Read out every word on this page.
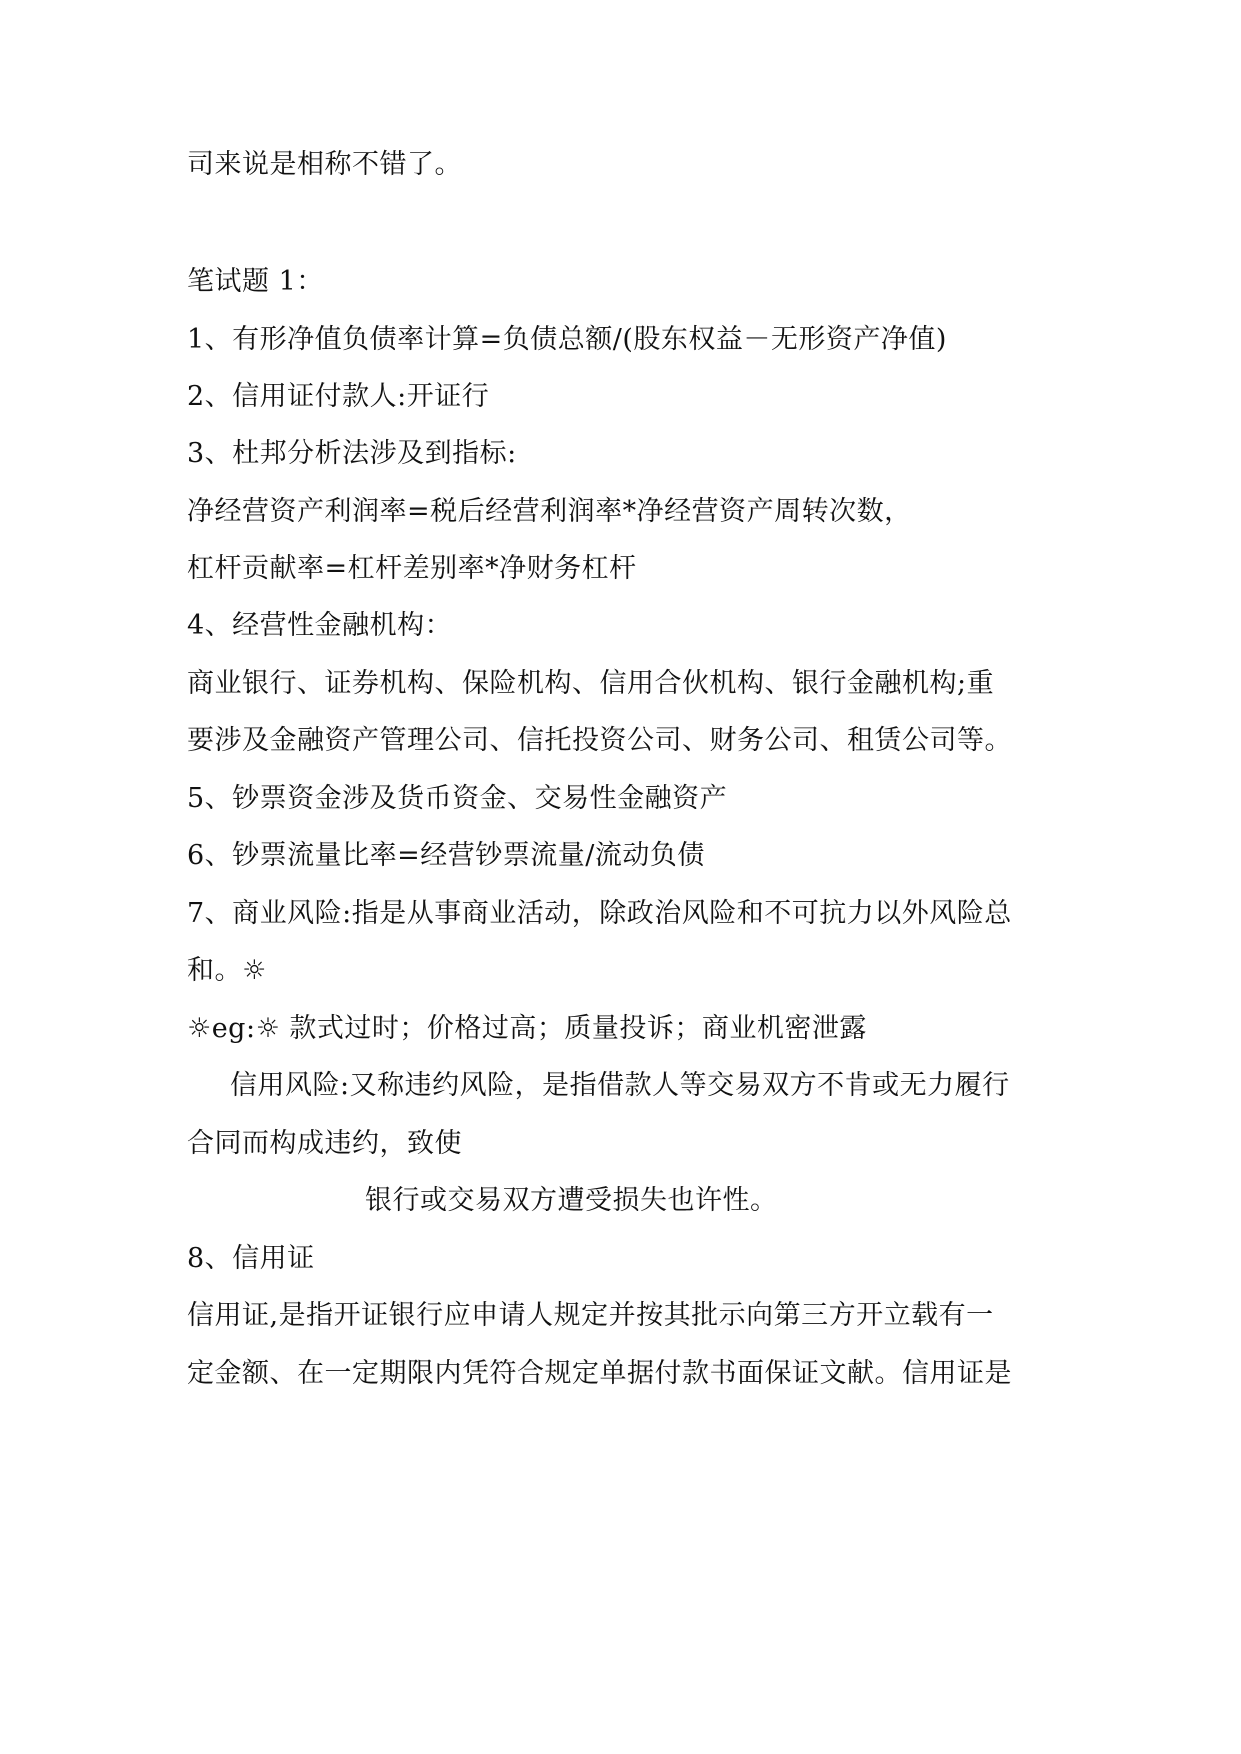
司来说是相称不错了。
笔试题 1：
1、有形净值负债率计算=负债总额/(股东权益－无形资产净值)
2、信用证付款人:开证行
3、杜邦分析法涉及到指标:
净经营资产利润率=税后经营利润率*净经营资产周转次数，
杠杆贡献率=杠杆差别率*净财务杠杆
4、经营性金融机构：
商业银行、证券机构、保险机构、信用合伙机构、银行金融机构;重
要涉及金融资产管理公司、信托投资公司、财务公司、租赁公司等。
5、钞票资金涉及货币资金、交易性金融资产
6、钞票流量比率=经营钞票流量/流动负债
7、商业风险:指是从事商业活动，除政治风险和不可抗力以外风险总
和。☼
☼eg:☼ 款式过时；价格过高；质量投诉；商业机密泄露
信用风险:又称违约风险，是指借款人等交易双方不肯或无力履行
合同而构成违约，致使
银行或交易双方遭受损失也许性。
8、信用证
信用证,是指开证银行应申请人规定并按其批示向第三方开立载有一
定金额、在一定期限内凭符合规定单据付款书面保证文献。信用证是
